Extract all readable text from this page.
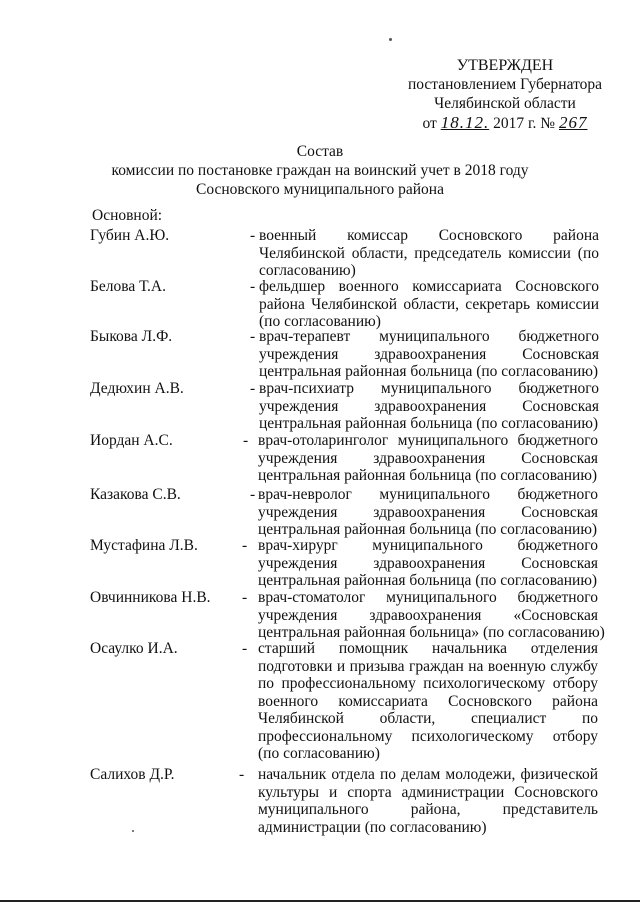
УТВЕРЖДЕН
постановлением Губернатора
Челябинской области
от 18.12. 2017 г. № 267
Состав
комиссии по постановке граждан на воинский учет в 2018 году
Сосновского муниципального района
Основной:
Губин А.Ю.	- военный комиссар Сосновского района
Челябинской области, председатель комиссии (по
согласованию)
Белова Т.А.	- фельдшер военного комиссариата Сосновского
района Челябинской области, секретарь комиссии
(по согласованию)
Быкова Л.Ф.	- врач-терапевт муниципального бюджетного
учреждения здравоохранения Сосновская
центральная районная больница (по согласованию)
Дедюхин А.В.	- врач-психиатр муниципального бюджетного
учреждения здравоохранения Сосновская
центральная районная больница (по согласованию)
Иордан А.С.	- врач-отоларинголог муниципального бюджетного
учреждения здравоохранения Сосновская
центральная районная больница (по согласованию)
Казакова С.В.	- врач-невролог муниципального бюджетного
учреждения здравоохранения Сосновская
центральная районная больница (по согласованию)
Мустафина Л.В.	- врач-хирург муниципального бюджетного
учреждения здравоохранения Сосновская
центральная районная больница (по согласованию)
Овчинникова Н.В. - врач-стоматолог муниципального бюджетного
учреждения здравоохранения «Сосновская
центральная районная больница» (по согласованию)
Осаулко И.А.	- старший помощник начальника отделения
подготовки и призыва граждан на военную службу
по профессиональному психологическому отбору
военного комиссариата Сосновского района
Челябинской области, специалист по
профессиональному психологическому отбору
(по согласованию)
Салихов Д.Р.	- начальник отдела по делам молодежи, физической
культуры и спорта администрации Сосновского
муниципального района, представитель
администрации (по согласованию)
